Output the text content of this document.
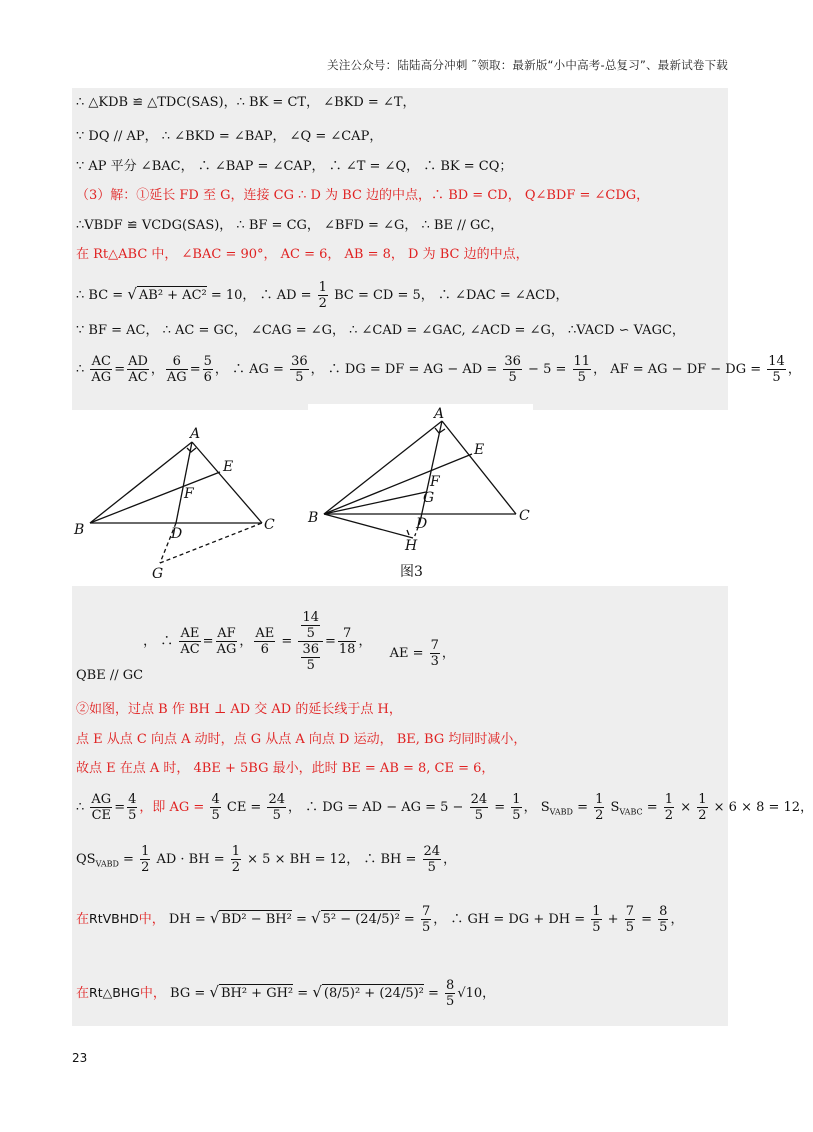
关注公众号：陆陆高分冲刺 ˜领取：最新版“小中高考-总复习”、最新试卷下载
∴ △KDB ≌ △TDC(SAS)，∴ BK = CT， ∠BKD = ∠T，
∵ DQ // AP， ∴ ∠BKD = ∠BAP， ∠Q = ∠CAP，
∵ AP 平分 ∠BAC， ∴ ∠BAP = ∠CAP， ∴ ∠T = ∠Q， ∴ BK = CQ；
（3）解：①延长 FD 至 G，连接 CG ∴ D 为 BC 边的中点，∴ BD = CD， Q∠BDF = ∠CDG，
∴VBDF ≌ VCDG(SAS)， ∴ BF = CG， ∠BFD = ∠G， ∴ BE // GC，
在 Rt△ABC 中， ∠BAC = 90°， AC = 6， AB = 8， D 为 BC 边的中点，
∴ BC = √ AB² + AC² = 10， ∴ AD = $\frac{1}{2}$ BC = CD = 5， ∴ ∠DAC = ∠ACD，
∵ BF = AC， ∴ AC = GC， ∠CAG = ∠G， ∴ ∠CAD = ∠GAC, ∠ACD = ∠G， ∴VACD ∽ VAGC，
∴ $\frac{AC}{AG} = \frac{AD}{AC}$ ， $\frac{6}{AG} = \frac{5}{6}$ ， ∴ AG = $\frac{36}{5}$ ， ∴ DG = DF = AG − AD = $\frac{36}{5} - 5 = \frac{11}{5}$ ， AF = AG − DF − DG = $\frac{14}{5}$ ，
A
E
F
B	D
C
G
A
E
F
G
B	D
H
C
图3
QBE // GC， ∴ $\frac{AE}{AC} = \frac{AF}{AG}$ ， $\frac{AE}{6} = \frac{\frac{14}{5}}{\frac{36}{5}} = \frac{7}{18}$ ， AE = $\frac{7}{3}$ ，
②如图，过点 B 作 BH ⊥ AD 交 AD 的延长线于点 H，
点 E 从点 C 向点 A 动时，点 G 从点 A 向点 D 运动， BE, BG 均同时减小，
故点 E 在点 A 时， 4BE + 5BG 最小，此时 BE = AB = 8, CE = 6，
∴ $\frac{AG}{CE} = \frac{4}{5}$ ，即 AG = $\frac{4}{5}$ CE = $\frac{24}{5}$ ， ∴ DG = AD − AG = $5 - \frac{24}{5} = \frac{1}{5}$ ， $S_{VABD} = \frac{1}{2} S_{VABC} = \frac{1}{2} \times \frac{1}{2} \times 6 \times 8 = 12$，
$QS_{VABD} = \frac{1}{2}$ AD · BH = $\frac{1}{2} \times 5$ × BH = 12， ∴ BH = $\frac{24}{5}$ ，
在RtVBHD中， DH = √ BD² − BH² = √ $5^2 - (24/5)^2 = \frac{7}{5}$ ， ∴ GH = DG + DH = $\frac{1}{5} + \frac{7}{5} = \frac{8}{5}$ ，
在Rt△BHG中， BG = √ BH² + GH² = √ $(8/5)^2 + (24/5)^2 = \frac{8}{5} √10$，
23
